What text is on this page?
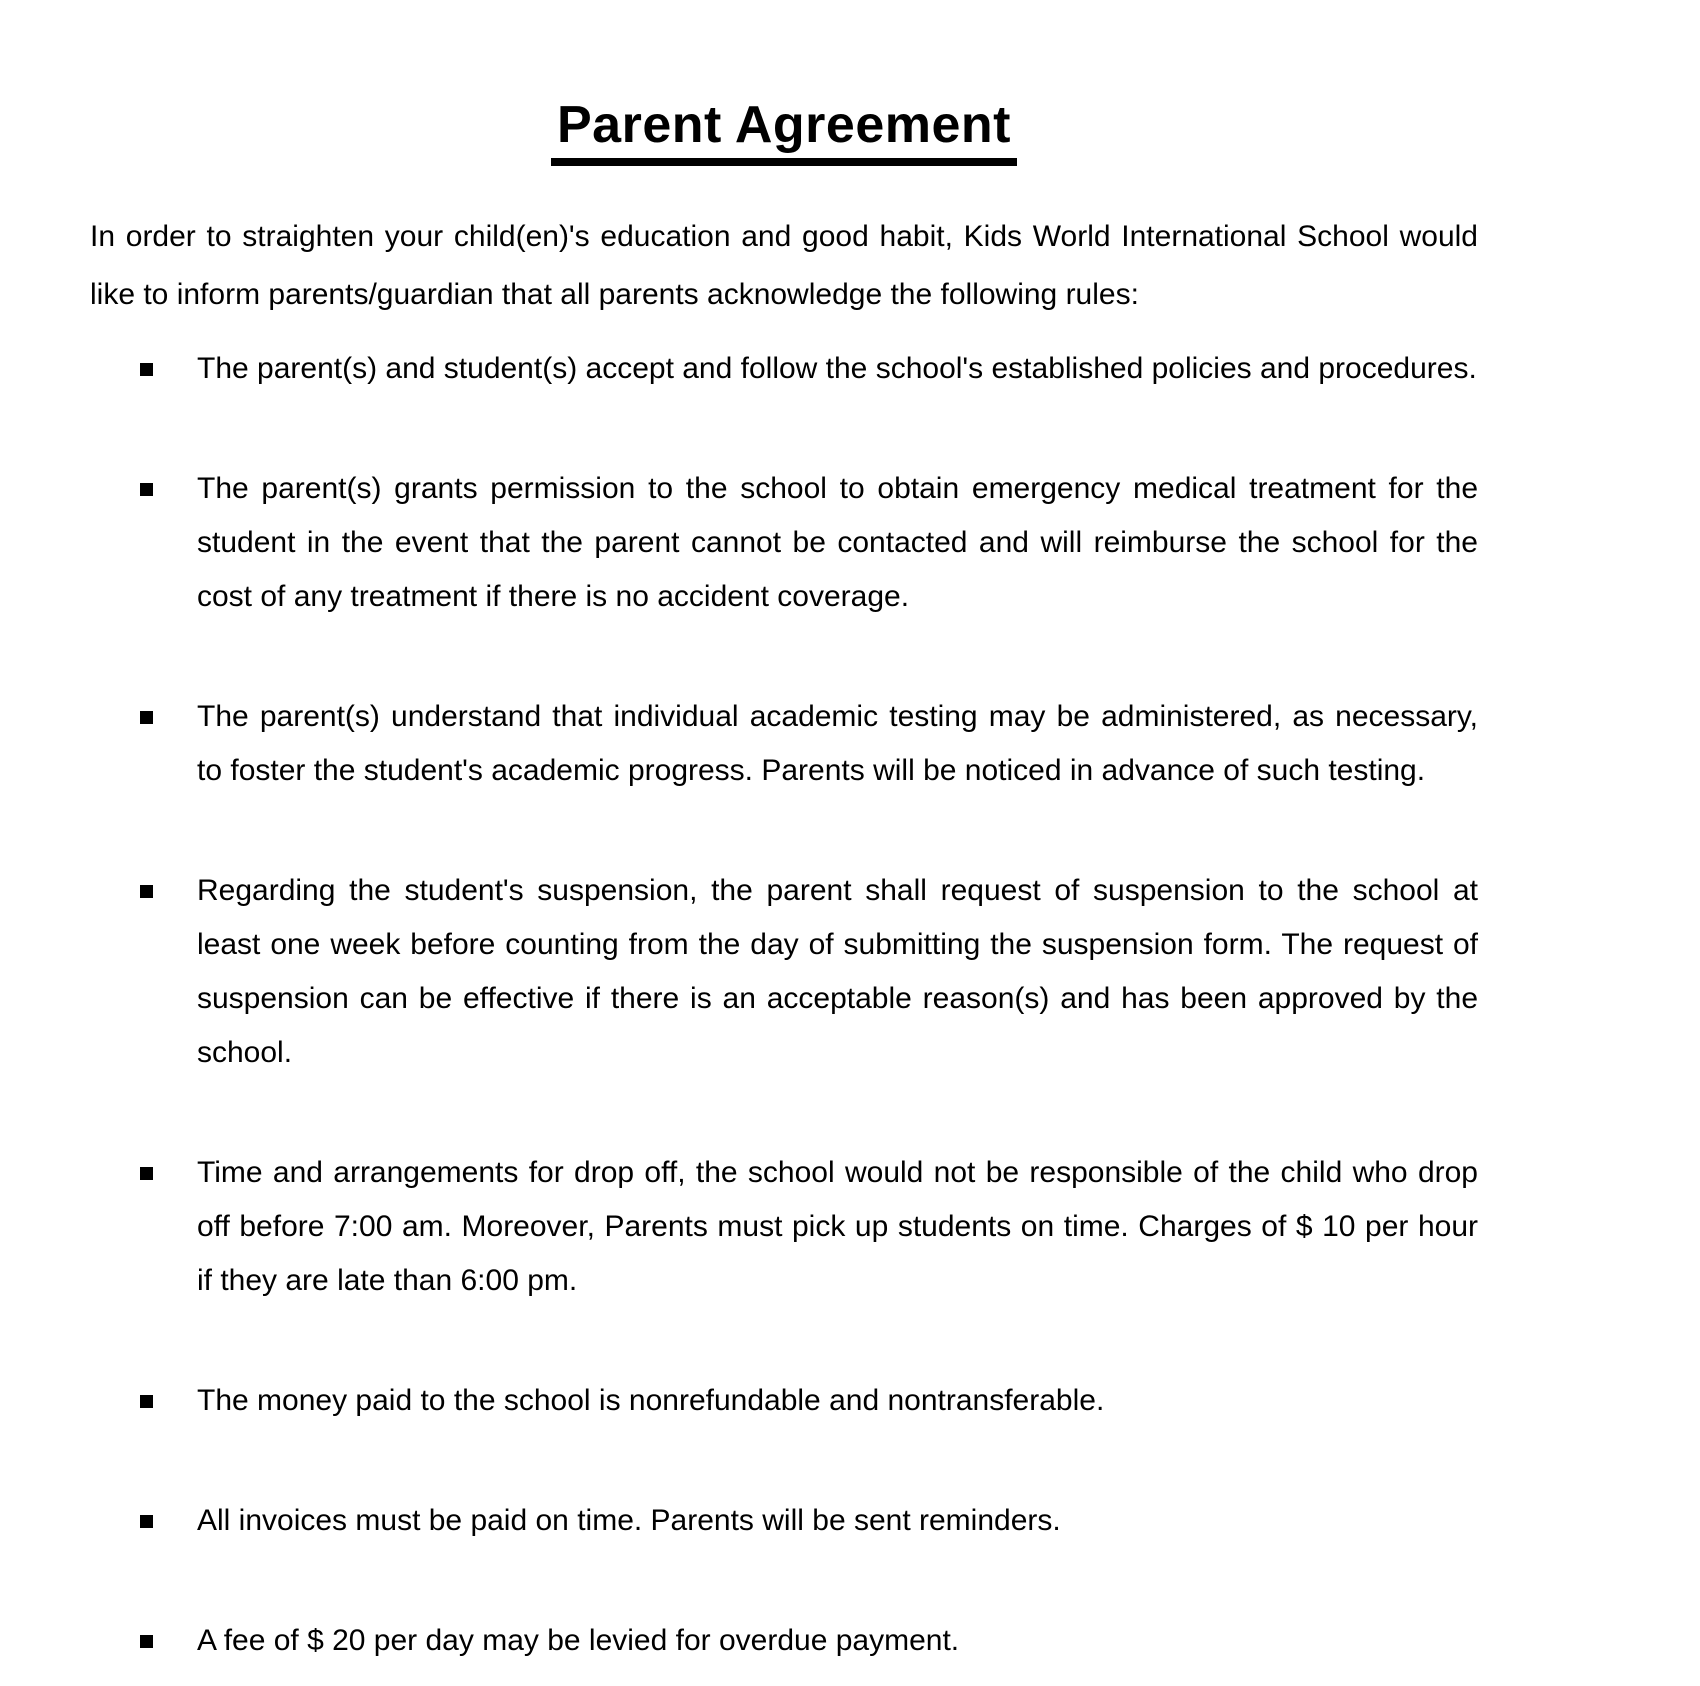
Parent Agreement

In order to straighten your child(en)'s education and good habit, Kids World International School would like to inform parents/guardian that all parents acknowledge the following rules:

The parent(s) and student(s) accept and follow the school's established policies and procedures.
The parent(s) grants permission to the school to obtain emergency medical treatment for the student in the event that the parent cannot be contacted and will reimburse the school for the cost of any treatment if there is no accident coverage.
The parent(s) understand that individual academic testing may be administered, as necessary, to foster the student's academic progress. Parents will be noticed in advance of such testing.
Regarding the student's suspension, the parent shall request of suspension to the school at least one week before counting from the day of submitting the suspension form. The request of suspension can be effective if there is an acceptable reason(s) and has been approved by the school.
Time and arrangements for drop off, the school would not be responsible of the child who drop off before 7:00 am. Moreover, Parents must pick up students on time. Charges of $ 10 per hour if they are late than 6:00 pm.
The money paid to the school is nonrefundable and nontransferable.
All invoices must be paid on time. Parents will be sent reminders.
A fee of $ 20 per day may be levied for overdue payment.
